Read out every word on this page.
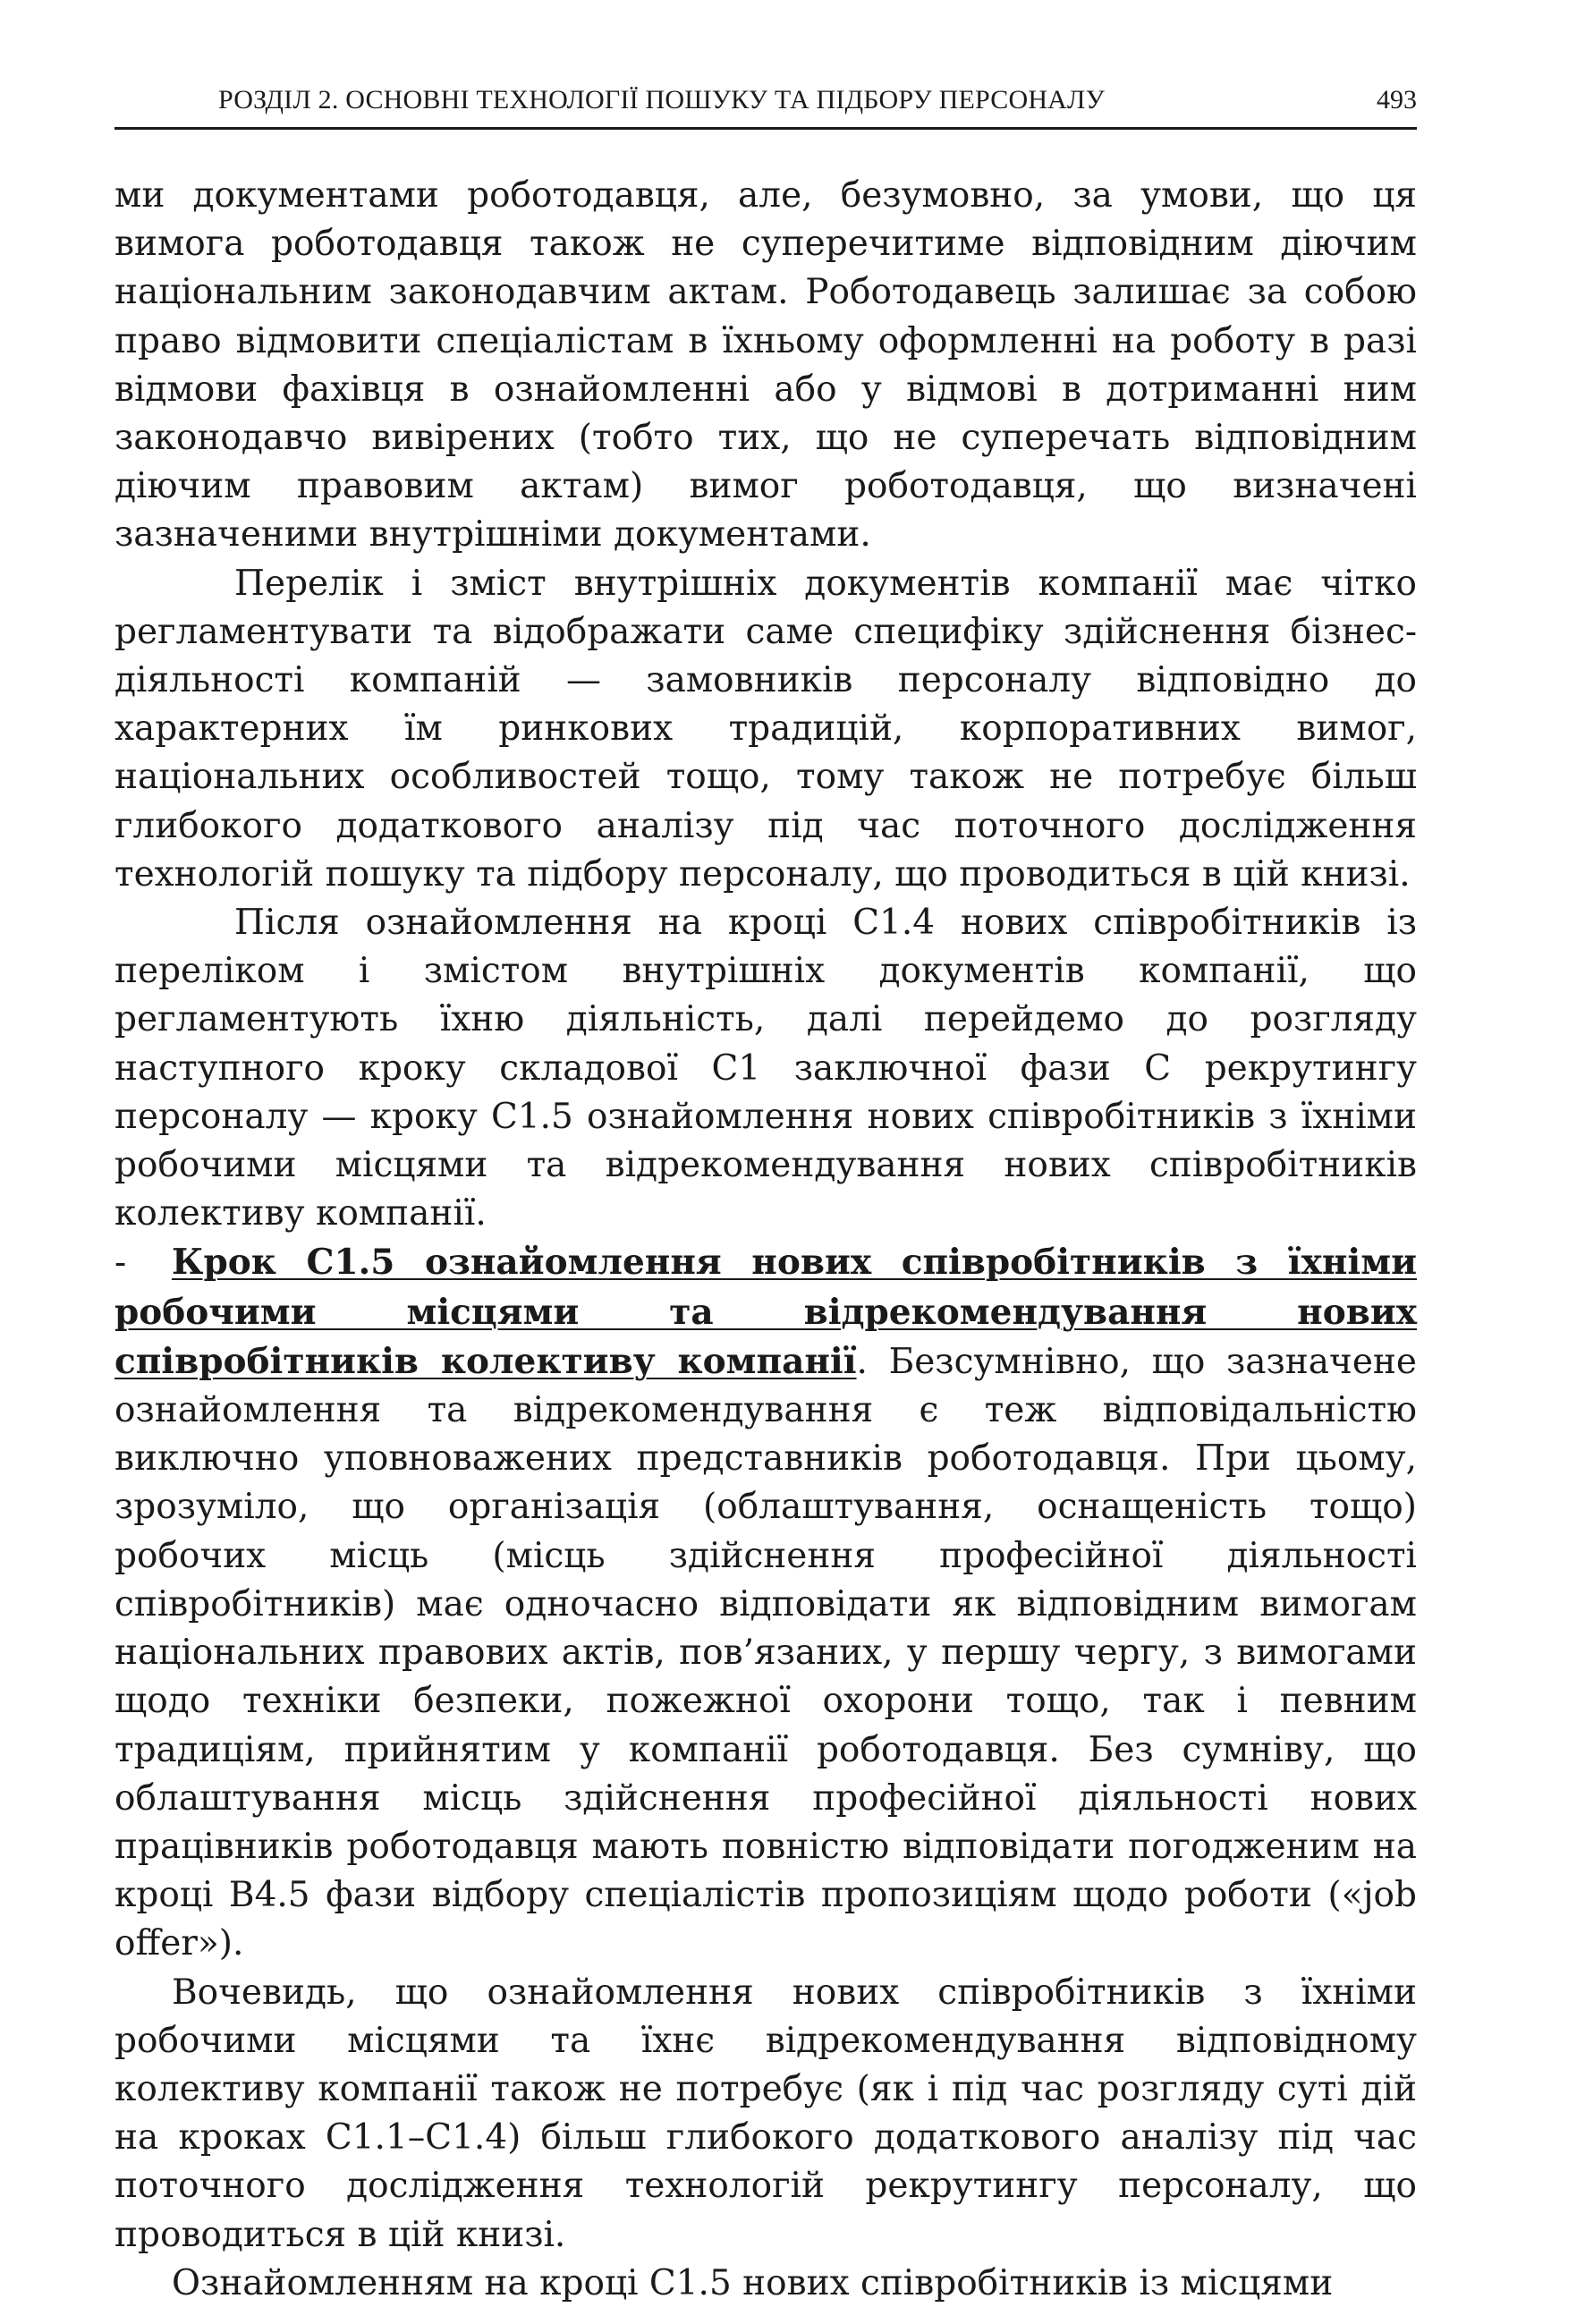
РОЗДІЛ 2. ОСНОВНІ ТЕХНОЛОГІЇ ПОШУКУ ТА ПІДБОРУ ПЕРСОНАЛУ	493

ми документами роботодавця, але, безумовно, за умови, що ця вимога роботодавця також не суперечитиме відповідним діючим національним законодавчим актам. Роботодавець залишає за собою право відмовити спеціалістам в їхньому оформленні на роботу в разі відмови фахівця в ознайомленні або у відмові в дотриманні ним законодавчо вивірених (тобто тих, що не суперечать відповідним діючим правовим актам) вимог роботодавця, що визначені зазначеними внутрішніми документами.

Перелік і зміст внутрішніх документів компанії має чітко регламентувати та відображати саме специфіку здійснення бізнес-діяльності компаній — замовників персоналу відповідно до характерних їм ринкових традицій, корпоративних вимог, національних особливостей тощо, тому також не потребує більш глибокого додаткового аналізу під час поточного дослідження технологій пошуку та підбору персоналу, що проводиться в цій книзі.

Після ознайомлення на кроці С1.4 нових співробітників із переліком і змістом внутрішніх документів компанії, що регламентують їхню діяльність, далі перейдемо до розгляду наступного кроку складової С1 заключної фази С рекрутингу персоналу — кроку С1.5 ознайомлення нових співробітників з їхніми робочими місцями та відрекомендування нових співробітників колективу компанії.

- Крок С1.5 ознайомлення нових співробітників з їхніми робочими місцями та відрекомендування нових співробітників колективу компанії. Безсумнівно, що зазначене ознайомлення та відрекомендування є теж відповідальністю виключно уповноважених представників роботодавця. При цьому, зрозуміло, що організація (облаштування, оснащеність тощо) робочих місць (місць здійснення професійної діяльності співробітників) має одночасно відповідати як відповідним вимогам національних правових актів, пов’язаних, у першу чергу, з вимогами щодо техніки безпеки, пожежної охорони тощо, так і певним традиціям, прийнятим у компанії роботодавця. Без сумніву, що облаштування місць здійснення професійної діяльності нових працівників роботодавця мають повністю відповідати погодженим на кроці В4.5 фази відбору спеціалістів пропозиціям щодо роботи («job offer»).

Вочевидь, що ознайомлення нових співробітників з їхніми робочими місцями та їхнє відрекомендування відповідному колективу компанії також не потребує (як і під час розгляду суті дій на кроках С1.1–С1.4) більш глибокого додаткового аналізу під час поточного дослідження технологій рекрутингу персоналу, що проводиться в цій книзі.

Ознайомленням на кроці С1.5 нових співробітників із місцями
